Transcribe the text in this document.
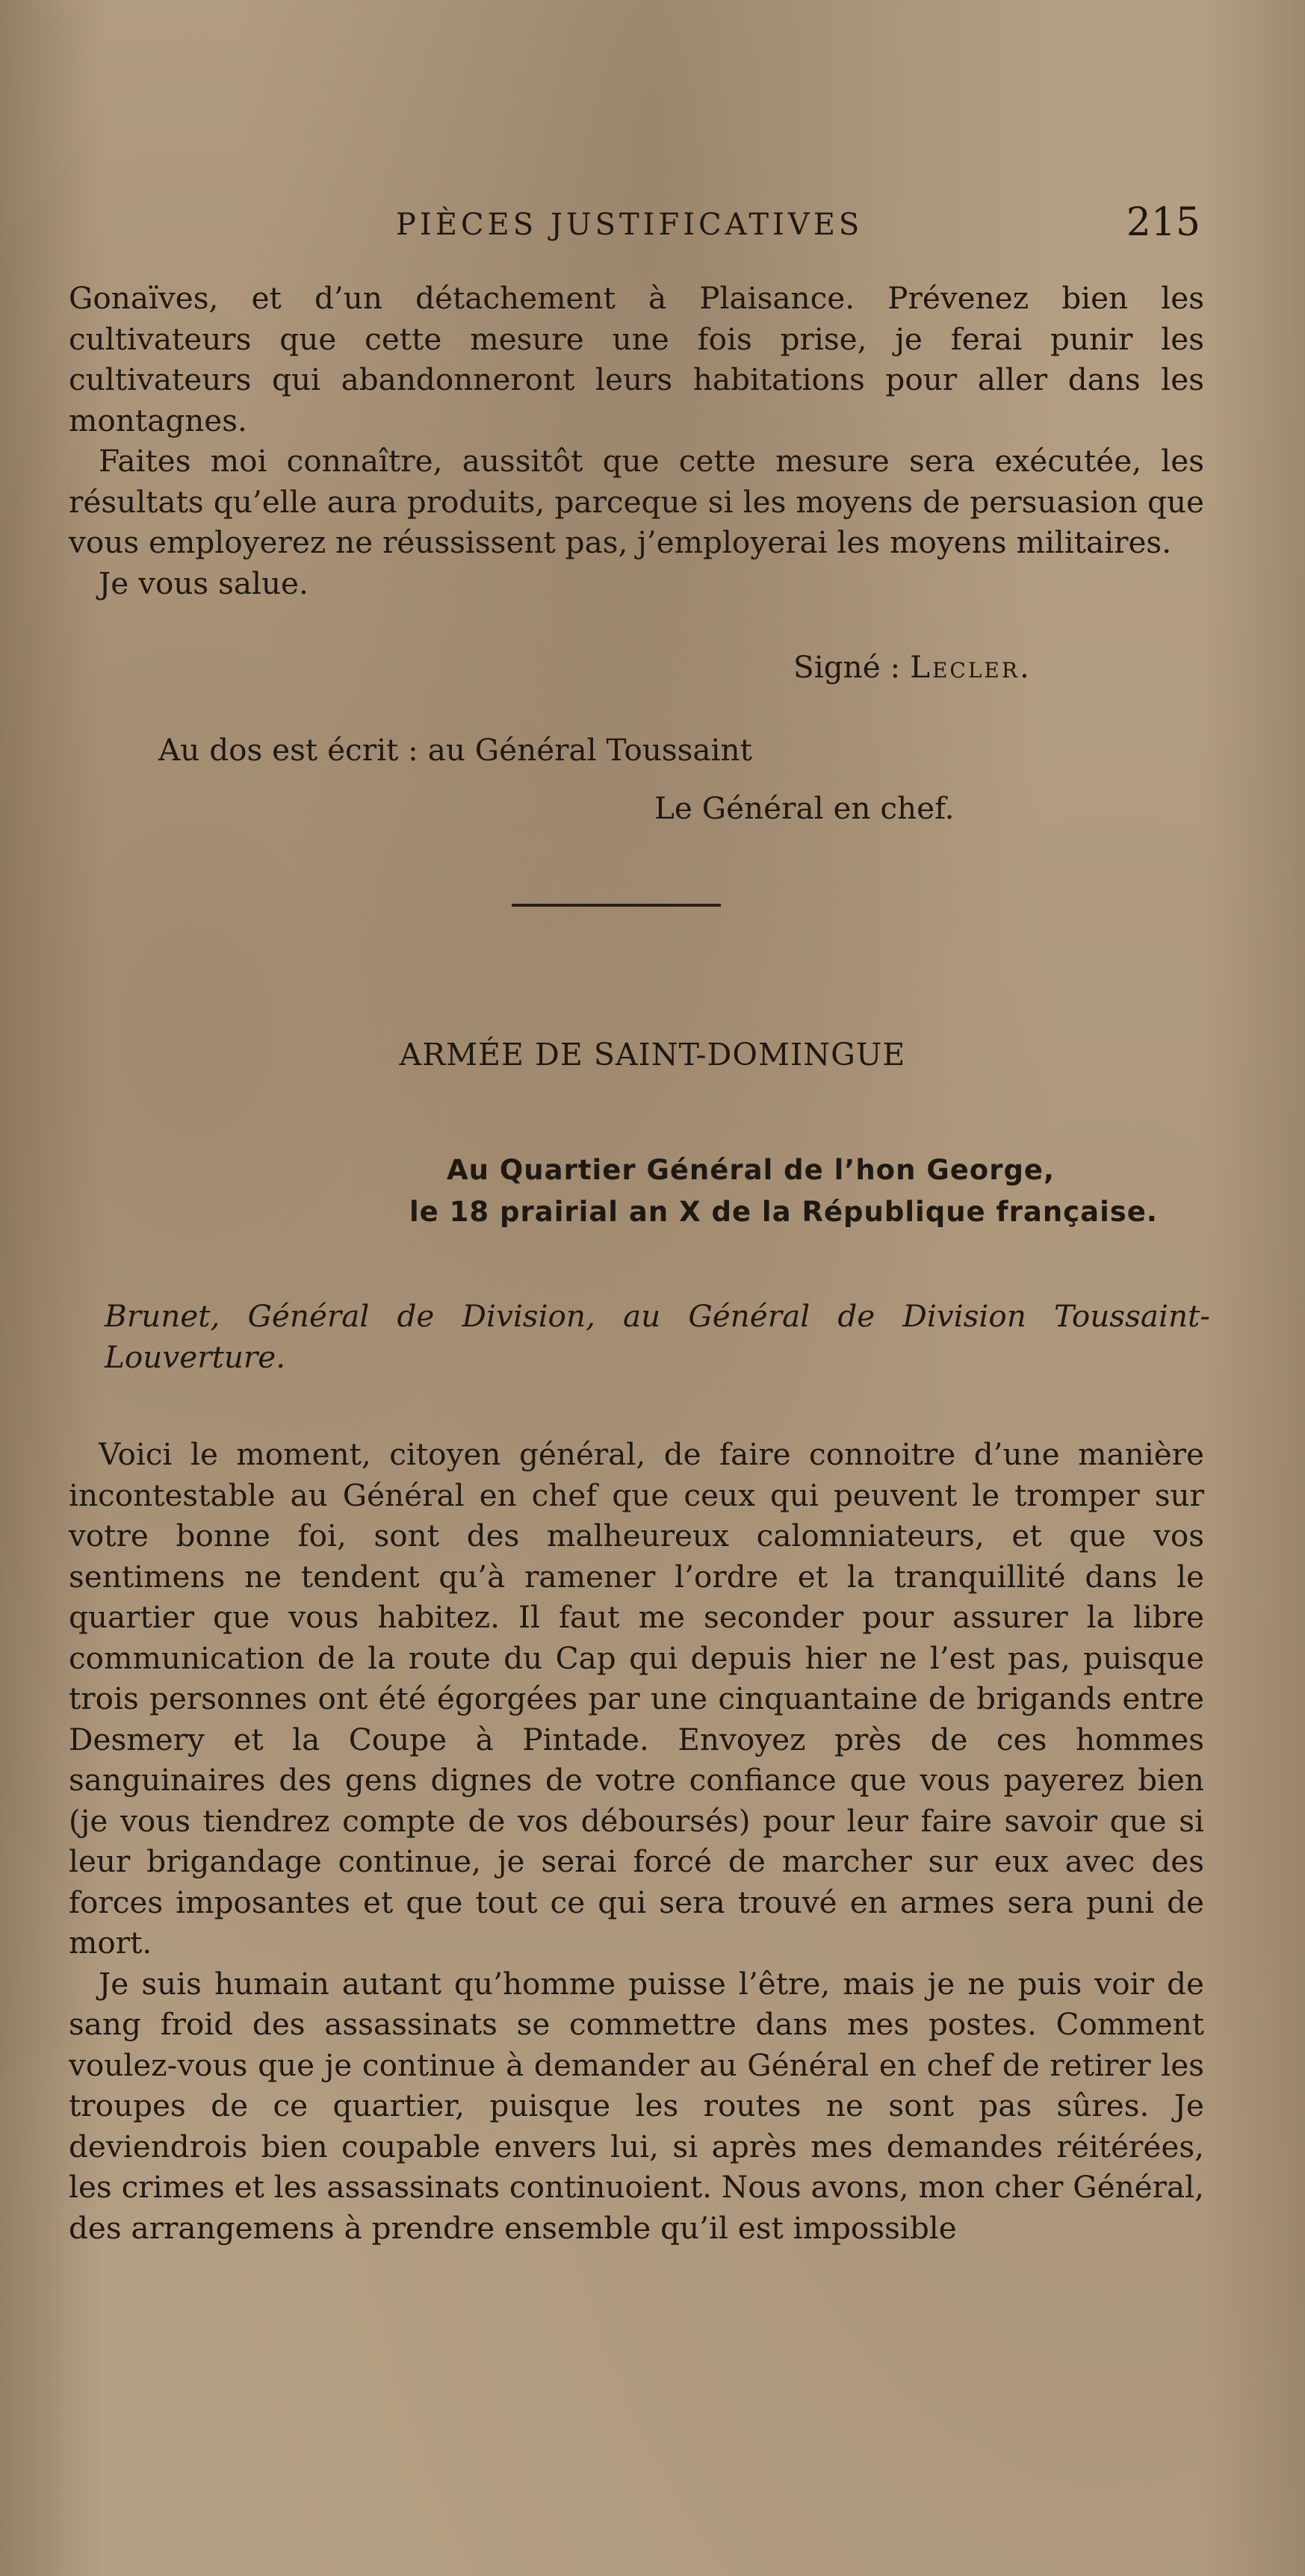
PIÈCES JUSTIFICATIVES	215

Gonaïves, et d’un détachement à Plaisance. Prévenez bien les cultivateurs que cette mesure une fois prise, je ferai punir les cultivateurs qui abandonneront leurs habitations pour aller dans les montagnes.

Faites moi connaître, aussitôt que cette mesure sera exécutée, les résultats qu’elle aura produits, parceque si les moyens de persuasion que vous employerez ne réussissent pas, j’employerai les moyens militaires.

Je vous salue.

Signé : Lecler.
Au dos est écrit : au Général Toussaint
Le Général en chef.
ARMÉE DE SAINT-DOMINGUE
Au Quartier Général de l’hon George,
le 18 prairial an X de la République française.
Brunet, Général de Division, au Général de Division Toussaint-Louverture.

Voici le moment, citoyen général, de faire connoitre d’une manière incontestable au Général en chef que ceux qui peuvent le tromper sur votre bonne foi, sont des malheureux calomniateurs, et que vos sentimens ne tendent qu’à ramener l’ordre et la tranquillité dans le quartier que vous habitez. Il faut me seconder pour assurer la libre communication de la route du Cap qui depuis hier ne l’est pas, puisque trois personnes ont été égorgées par une cinquantaine de brigands entre Desmery et la Coupe à Pintade. Envoyez près de ces hommes sanguinaires des gens dignes de votre confiance que vous payerez bien (je vous tiendrez compte de vos déboursés) pour leur faire savoir que si leur brigandage continue, je serai forcé de marcher sur eux avec des forces imposantes et que tout ce qui sera trouvé en armes sera puni de mort.

Je suis humain autant qu’homme puisse l’être, mais je ne puis voir de sang froid des assassinats se commettre dans mes postes. Comment voulez-vous que je continue à demander au Général en chef de retirer les troupes de ce quartier, puisque les routes ne sont pas sûres. Je deviendrois bien coupable envers lui, si après mes demandes réitérées, les crimes et les assassinats continuoient. Nous avons, mon cher Général, des arrangemens à prendre ensemble qu’il est impossible
